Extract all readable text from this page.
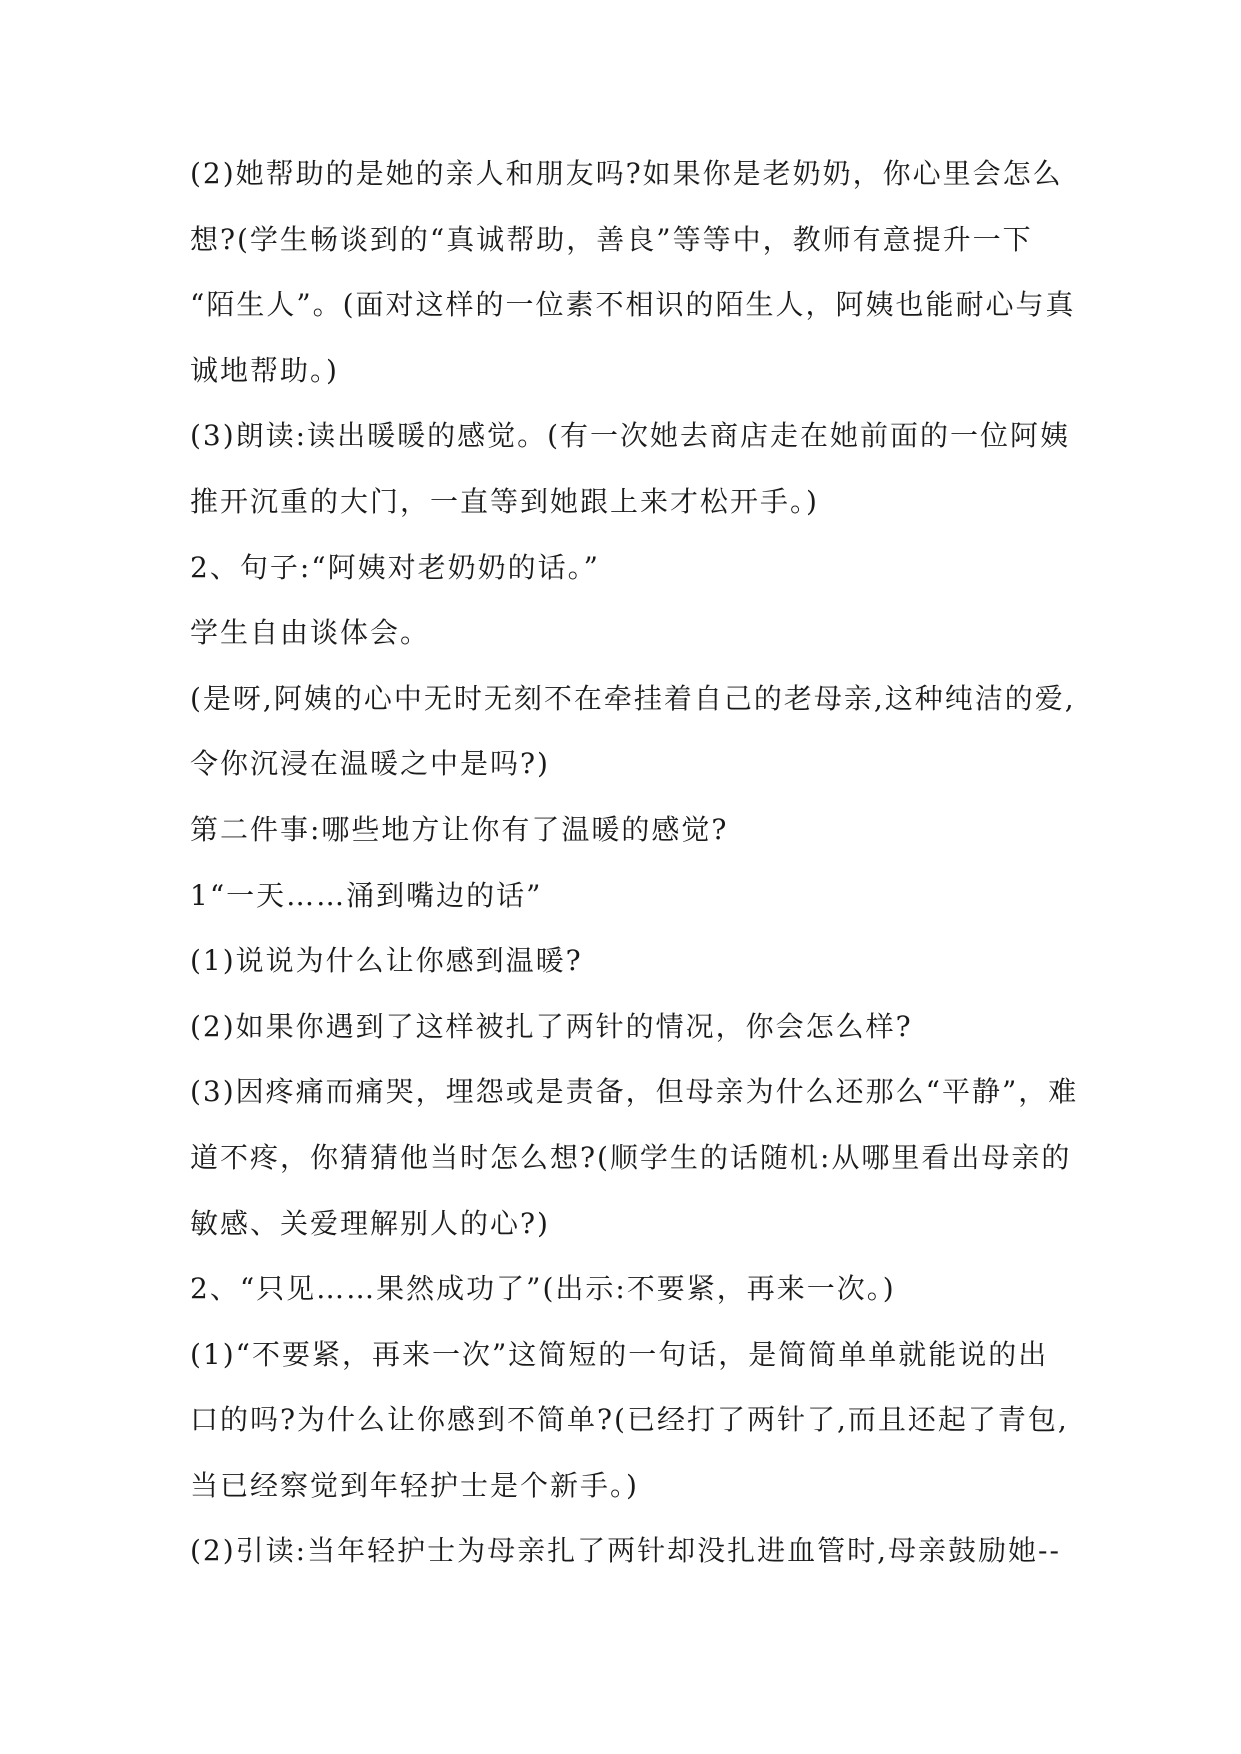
(2)她帮助的是她的亲人和朋友吗?如果你是老奶奶，你心里会怎么
想?(学生畅谈到的“真诚帮助，善良”等等中，教师有意提升一下
“陌生人”。(面对这样的一位素不相识的陌生人，阿姨也能耐心与真
诚地帮助。)
(3)朗读:读出暖暖的感觉。(有一次她去商店走在她前面的一位阿姨
推开沉重的大门，一直等到她跟上来才松开手。)
2、句子:“阿姨对老奶奶的话。”
学生自由谈体会。
(是呀,阿姨的心中无时无刻不在牵挂着自己的老母亲,这种纯洁的爱,
令你沉浸在温暖之中是吗?)
第二件事:哪些地方让你有了温暖的感觉?
1“一天……涌到嘴边的话”
(1)说说为什么让你感到温暖?
(2)如果你遇到了这样被扎了两针的情况，你会怎么样?
(3)因疼痛而痛哭，埋怨或是责备，但母亲为什么还那么“平静”，难
道不疼，你猜猜他当时怎么想?(顺学生的话随机:从哪里看出母亲的
敏感、关爱理解别人的心?)
2、“只见……果然成功了”(出示:不要紧，再来一次。)
(1)“不要紧，再来一次”这简短的一句话，是简简单单就能说的出
口的吗?为什么让你感到不简单?(已经打了两针了,而且还起了青包,
当已经察觉到年轻护士是个新手。)
(2)引读:当年轻护士为母亲扎了两针却没扎进血管时,母亲鼓励她--
